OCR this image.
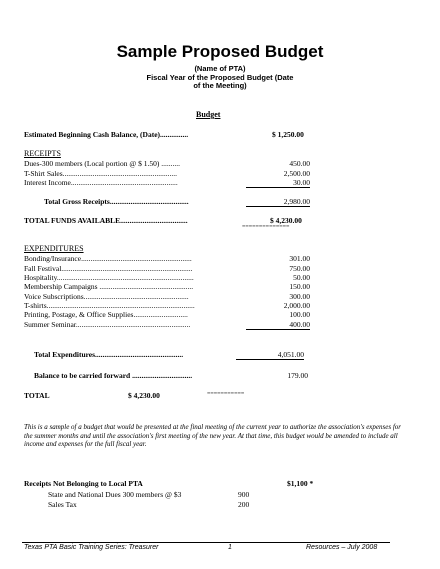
Sample Proposed Budget
(Name of PTA)
Fiscal Year of the Proposed Budget (Date
of the Meeting)
Budget
Estimated Beginning Cash Balance, (Date)...............	$ 1,250.00
RECEIPTS
Dues-300 members (Local portion @ $ 1.50) ..........	450.00
T-Shirt Sales.............................................................	2,500.00
Interest Income.........................................................	30.00
Total Gross Receipts..........................................	2,980.00
TOTAL FUNDS AVAILABLE....................................	$ 4,230.00
==============
EXPENDITURES
Bonding/Insurance...........................................................	301.00
Fall Festival......................................................................	750.00
Hospitality.........................................................................	50.00
Membership Campaigns ..................................................	150.00
Voice Subscriptions........................................................	300.00
T-shirts...............................................................................	2,000.00
Printing, Postage, & Office Supplies.............................	100.00
Summer Seminar.............................................................	400.00
Total Expenditures...............................................	4,051.00
Balance to be carried forward ................................	179.00
TOTAL	$ 4,230.00	===========
This is a sample of a budget that would be presented at the final meeting of the current year to authorize the association's expenses for the summer months and until the association's first meeting of the new year. At that time, this budget would be amended to include all income and expenses for the full fiscal year.
Receipts Not Belonging to Local PTA	$1,100 *
State and National Dues 300 members @ $3	900
Sales Tax	200
Texas PTA Basic Training Series: Treasurer	1	Resources – July 2008
